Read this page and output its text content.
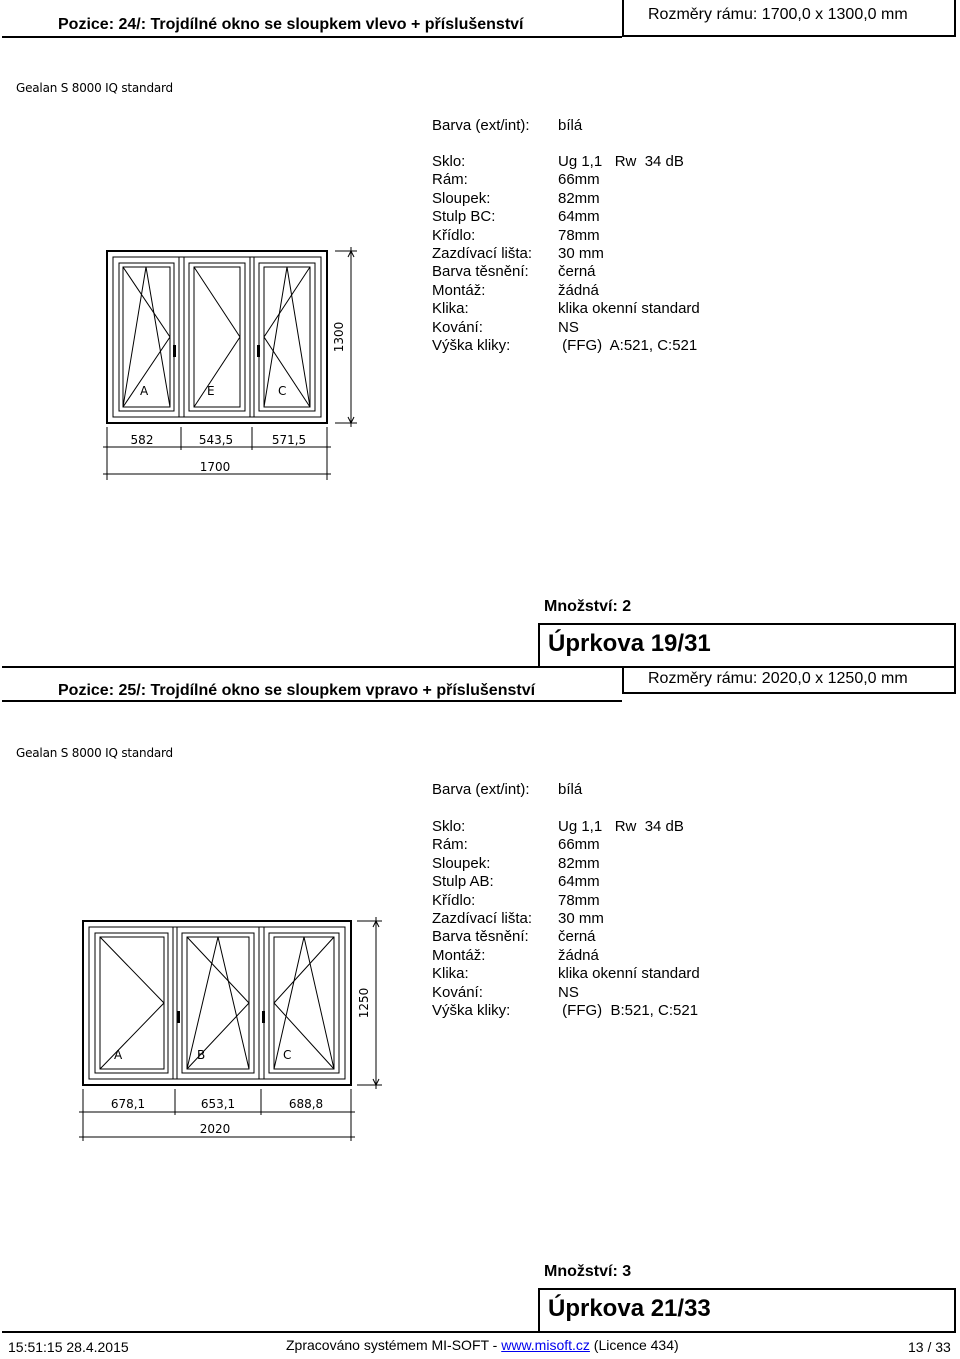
Pozice: 24/: Trojdílné okno se sloupkem vlevo + příslušenství
Rozměry rámu: 1700,0 x 1300,0 mm
Gealan S 8000 IQ standard
Barva (ext/int): bílá
Sklo:	Ug 1,1   Rw  34 dB
Rám:	66mm
Sloupek:	82mm
Stulp BC:	64mm
Křídlo:	78mm
Zazdívací lišta: 30 mm
Barva těsnění: černá
Montáž:	žádná
Klika:	klika okenní standard
Kování:	NS
Výška kliky:	(FFG)  A:521, C:521
1300
582	543,5	571,5
1700
A	E	C
Množství: 2
Úprkova 19/31
Pozice: 25/: Trojdílné okno se sloupkem vpravo + příslušenství
Rozměry rámu: 2020,0 x 1250,0 mm
Gealan S 8000 IQ standard
Barva (ext/int): bílá
Sklo:	Ug 1,1   Rw  34 dB
Rám:	66mm
Sloupek:	82mm
Stulp AB:	64mm
Křídlo:	78mm
Zazdívací lišta: 30 mm
Barva těsnění: černá
Montáž:	žádná
Klika:	klika okenní standard
Kování:	NS
Výška kliky:	(FFG)  B:521, C:521
1250
678,1	653,1	688,8
2020
A	B	C
Množství: 3
Úprkova 21/33
15:51:15 28.4.2015	Zpracováno systémem MI-SOFT - www.misoft.cz (Licence 434)	13 / 33
